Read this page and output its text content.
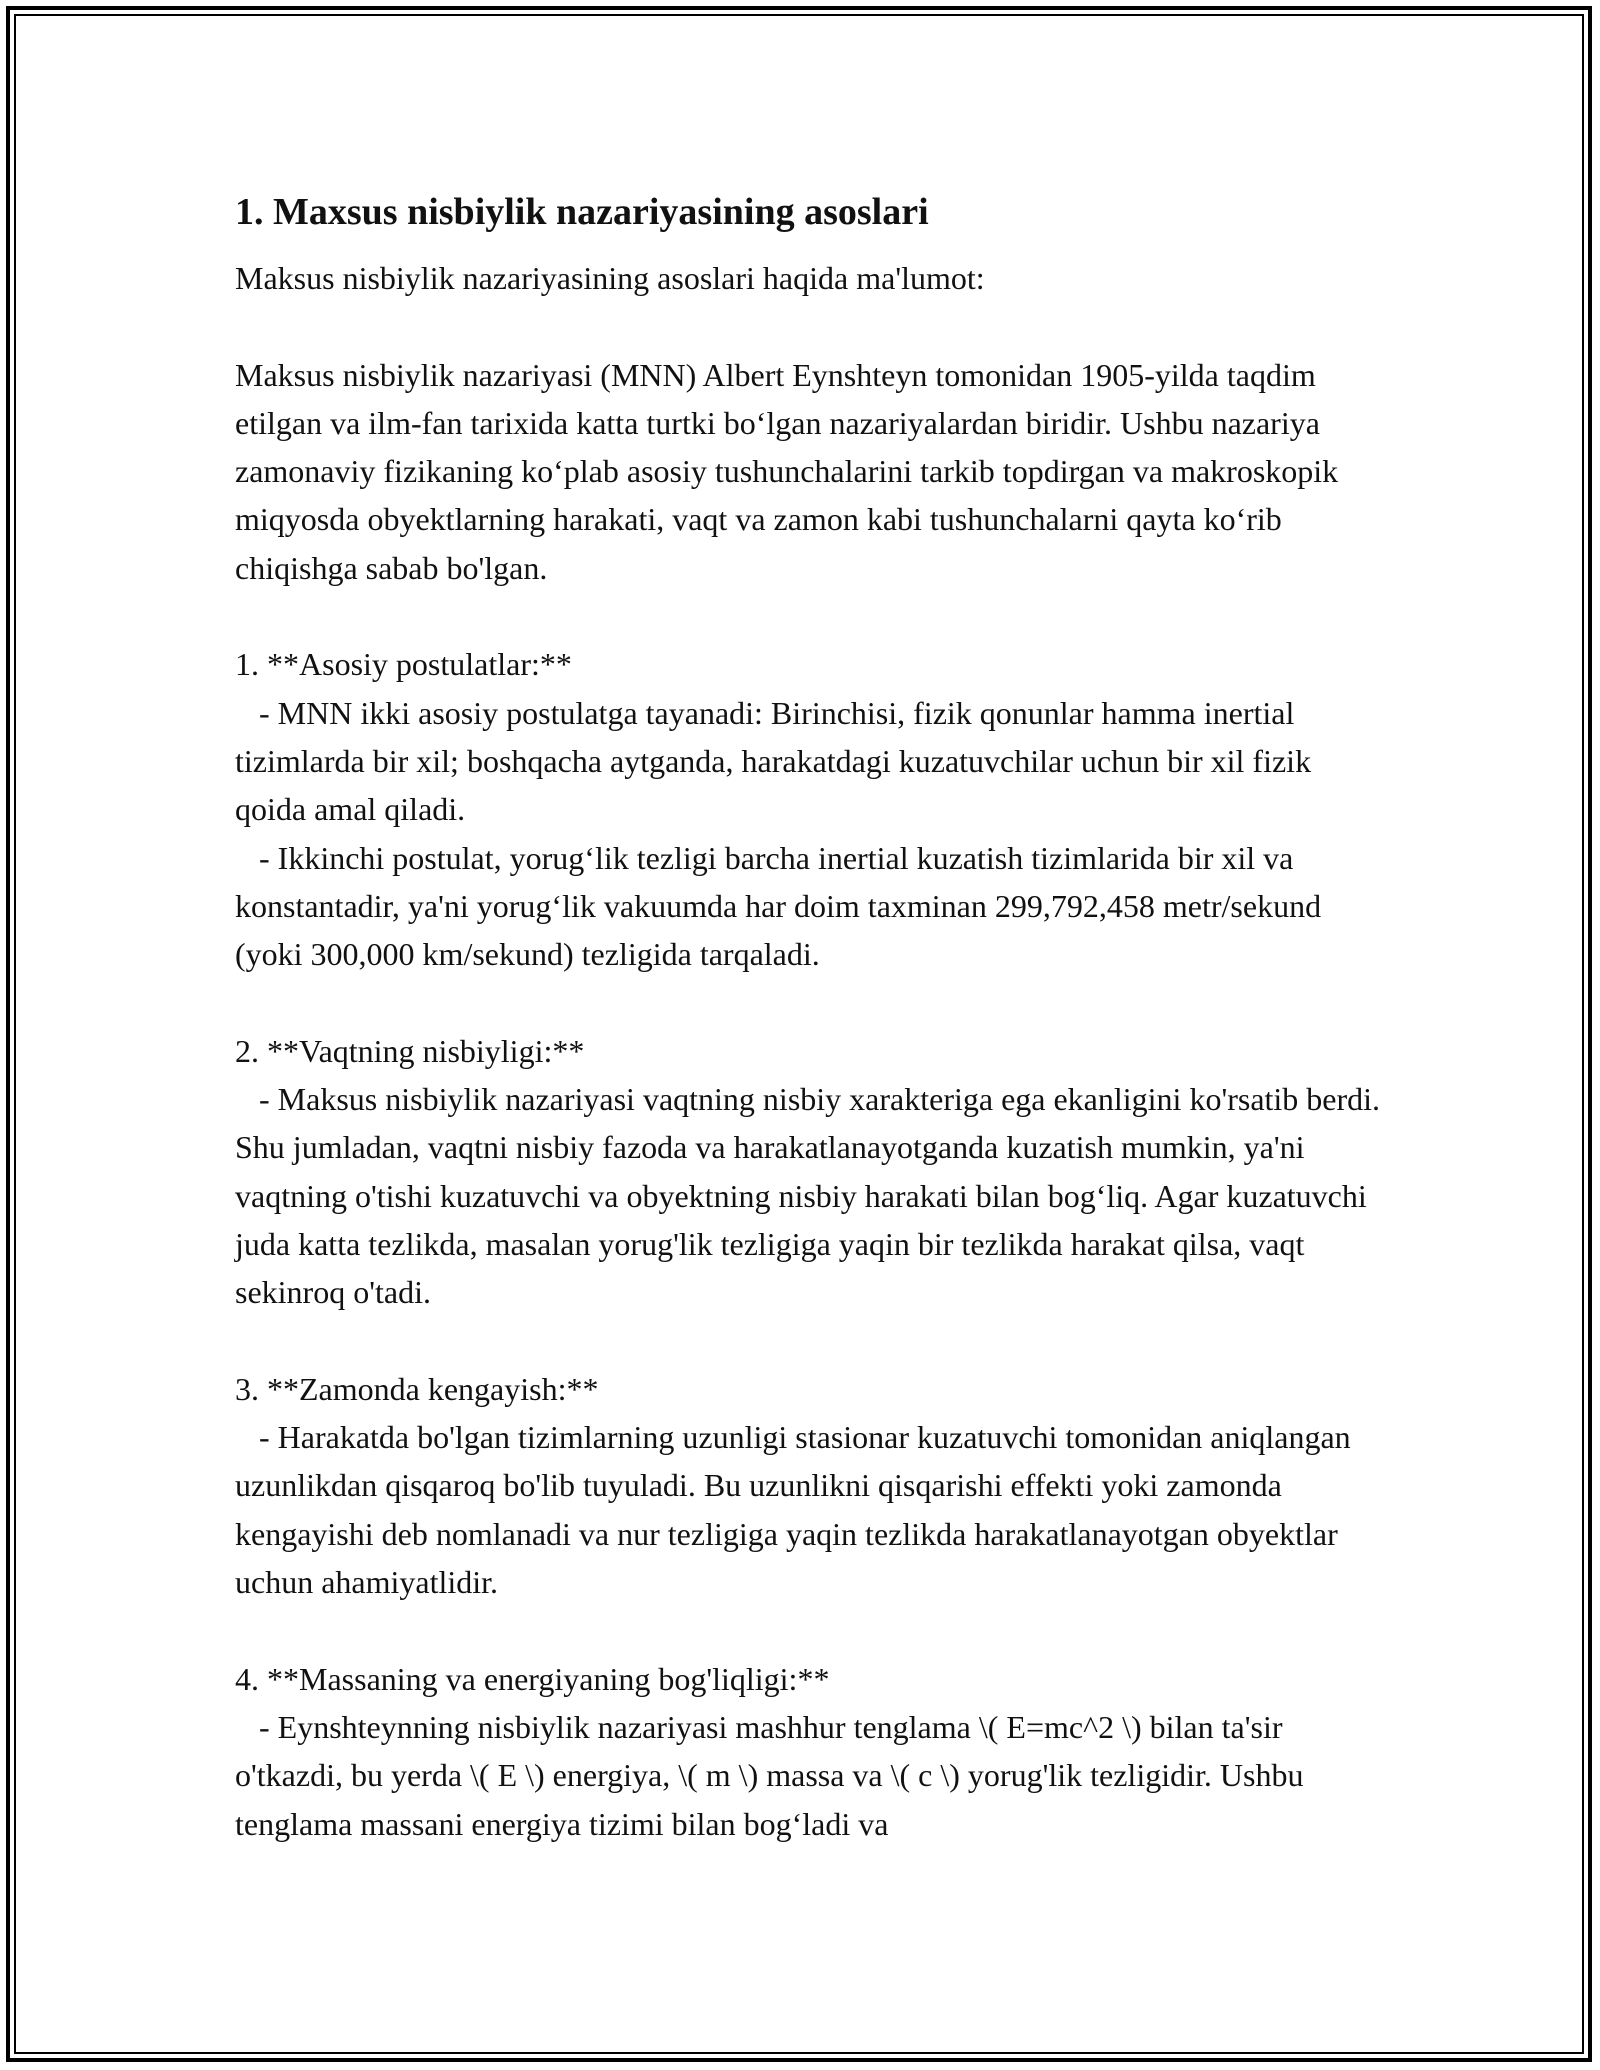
1. Maxsus nisbiylik nazariyasining asoslari

Maksus nisbiylik nazariyasining asoslari haqida ma'lumot:

Maksus nisbiylik nazariyasi (MNN) Albert Eynshteyn tomonidan 1905-yilda taqdim etilgan va ilm-fan tarixida katta turtki bo‘lgan nazariyalardan biridir. Ushbu nazariya zamonaviy fizikaning ko‘plab asosiy tushunchalarini tarkib topdirgan va makroskopik miqyosda obyektlarning harakati, vaqt va zamon kabi tushunchalarni qayta ko‘rib chiqishga sabab bo'lgan.

1. **Asosiy postulatlar:**

- MNN ikki asosiy postulatga tayanadi: Birinchisi, fizik qonunlar hamma inertial tizimlarda bir xil; boshqacha aytganda, harakatdagi kuzatuvchilar uchun bir xil fizik qoida amal qiladi.

- Ikkinchi postulat, yorug‘lik tezligi barcha inertial kuzatish tizimlarida bir xil va konstantadir, ya'ni yorug‘lik vakuumda har doim taxminan 299,792,458 metr/sekund (yoki 300,000 km/sekund) tezligida tarqaladi.

2. **Vaqtning nisbiyligi:**

- Maksus nisbiylik nazariyasi vaqtning nisbiy xarakteriga ega ekanligini ko'rsatib berdi. Shu jumladan, vaqtni nisbiy fazoda va harakatlanayotganda kuzatish mumkin, ya'ni vaqtning o'tishi kuzatuvchi va obyektning nisbiy harakati bilan bog‘liq. Agar kuzatuvchi juda katta tezlikda, masalan yorug'lik tezligiga yaqin bir tezlikda harakat qilsa, vaqt sekinroq o'tadi.

3. **Zamonda kengayish:**

- Harakatda bo'lgan tizimlarning uzunligi stasionar kuzatuvchi tomonidan aniqlangan uzunlikdan qisqaroq bo'lib tuyuladi. Bu uzunlikni qisqarishi effekti yoki zamonda kengayishi deb nomlanadi va nur tezligiga yaqin tezlikda harakatlanayotgan obyektlar uchun ahamiyatlidir.

4. **Massaning va energiyaning bog'liqligi:**

- Eynshteynning nisbiylik nazariyasi mashhur tenglama \( E=mc^2 \) bilan ta'sir o'tkazdi, bu yerda \( E \) energiya, \( m \) massa va \( c \) yorug'lik tezligidir. Ushbu tenglama massani energiya tizimi bilan bog‘ladi va
